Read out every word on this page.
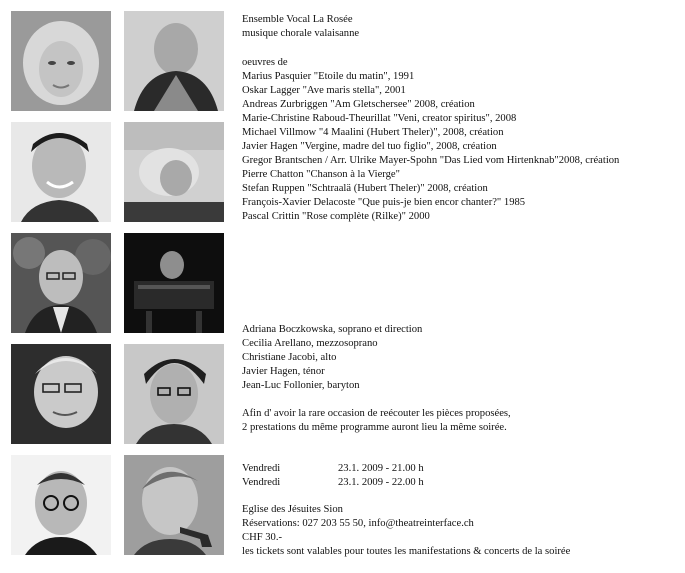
Ensemble Vocal La Rosée
musique chorale valaisanne
oeuvres de
Marius Pasquier "Etoile du matin", 1991
Oskar Lagger "Ave maris stella", 2001
Andreas Zurbriggen "Am Gletschersee" 2008, création
Marie-Christine Raboud-Theurillat "Veni, creator spiritus", 2008
Michael Villmow "4 Maalini (Hubert Theler)", 2008, création
Javier Hagen "Vergine, madre del tuo figlio", 2008, création
Gregor Brantschen / Arr. Ulrike Mayer-Spohn "Das Lied vom Hirtenknab"2008, création
Pierre Chatton "Chanson à la Vierge"
Stefan Ruppen "Schtraalä (Hubert Theler)" 2008, création
François-Xavier Delacoste "Que puis-je bien encor chanter?" 1985
Pascal Crittin "Rose complète (Rilke)" 2000
Adriana Boczkowska, soprano et direction
Cecilia Arellano, mezzosoprano
Christiane Jacobi, alto
Javier Hagen, ténor
Jean-Luc Follonier, baryton
Afin d' avoir la rare occasion de reécouter les pièces proposées,
2 prestations du même programme auront lieu la même soirée.
Vendredi	23.1. 2009 - 21.00 h
Vendredi	23.1. 2009 - 22.00 h
Eglise des Jésuites Sion
Réservations: 027 203 55 50, info@theatreinterface.ch
CHF 30.-
les tickets sont valables pour toutes les manifestations & concerts de la soirée
